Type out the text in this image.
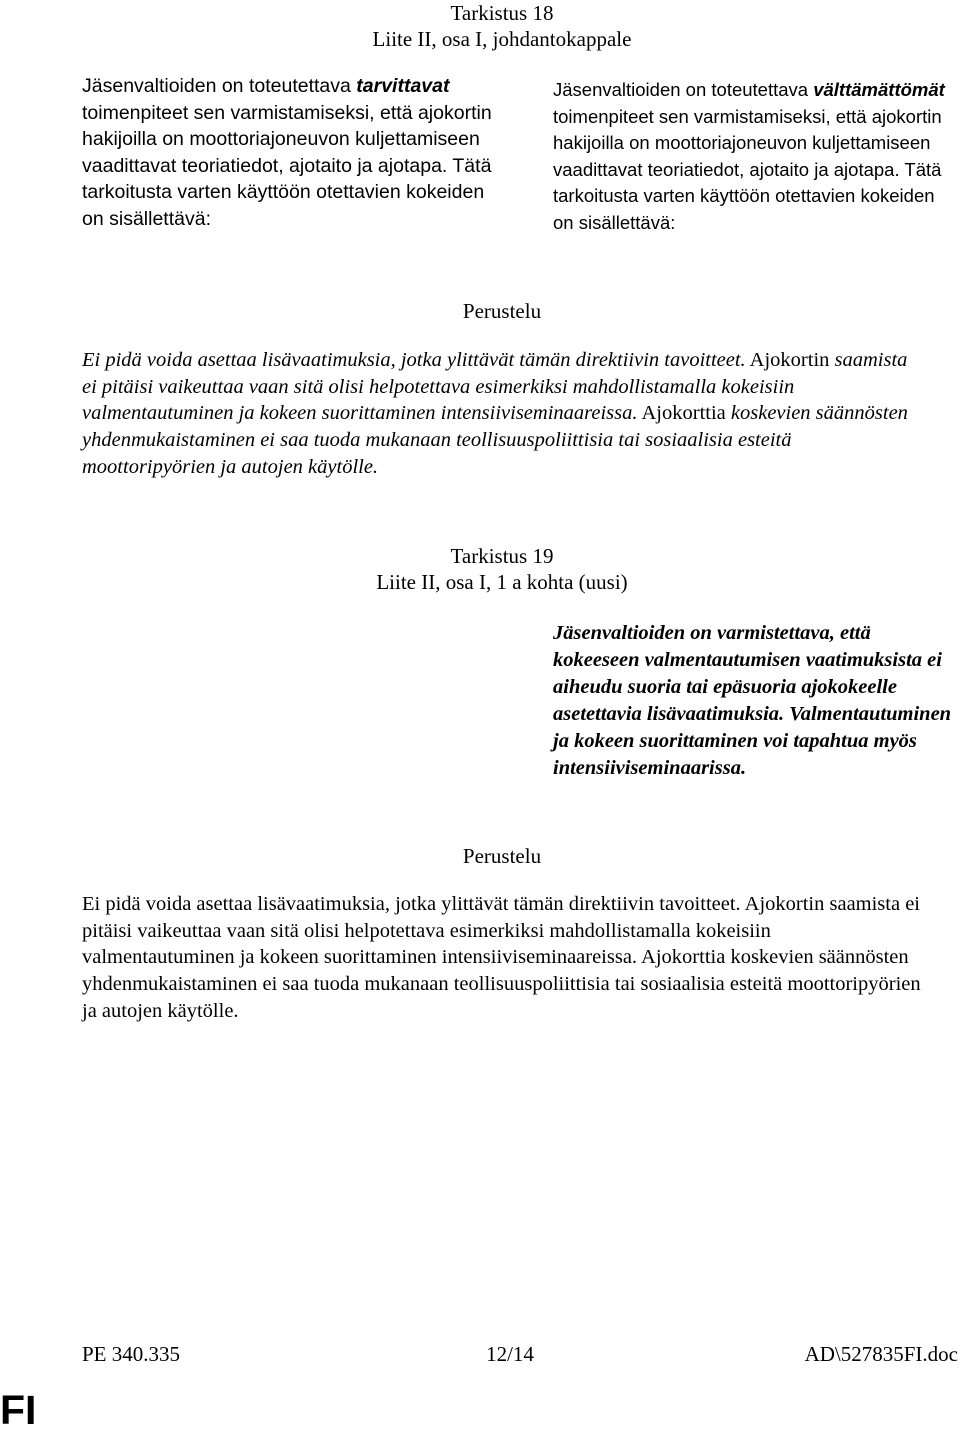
Tarkistus 18
Liite II, osa I, johdantokappale
Jäsenvaltioiden on toteutettava tarvittavat toimenpiteet sen varmistamiseksi, että ajokortin hakijoilla on moottoriajoneuvon kuljettamiseen vaadittavat teoriatiedot, ajotaito ja ajotapa. Tätä tarkoitusta varten käyttöön otettavien kokeiden on sisällettävä:
Jäsenvaltioiden on toteutettava välttämättömät toimenpiteet sen varmistamiseksi, että ajokortin hakijoilla on moottoriajoneuvon kuljettamiseen vaadittavat teoriatiedot, ajotaito ja ajotapa. Tätä tarkoitusta varten käyttöön otettavien kokeiden on sisällettävä:
Perustelu
Ei pidä voida asettaa lisävaatimuksia, jotka ylittävät tämän direktiivin tavoitteet. Ajokortin saamista ei pitäisi vaikeuttaa vaan sitä olisi helpotettava esimerkiksi mahdollistamalla kokeisiin valmentautuminen ja kokeen suorittaminen intensiiviseminaareissa. Ajokorttia koskevien säännösten yhdenmukaistaminen ei saa tuoda mukanaan teollisuuspoliittisia tai sosiaalisia esteitä moottoripyörien ja autojen käytölle.
Tarkistus 19
Liite II, osa I, 1 a kohta (uusi)
Jäsenvaltioiden on varmistettava, että kokeeseen valmentautumisen vaatimuksista ei aiheudu suoria tai epäsuoria ajokokeelle asetettavia lisävaatimuksia. Valmentautuminen ja kokeen suorittaminen voi tapahtua myös intensiiviseminaarissa.
Perustelu
Ei pidä voida asettaa lisävaatimuksia, jotka ylittävät tämän direktiivin tavoitteet. Ajokortin saamista ei pitäisi vaikeuttaa vaan sitä olisi helpotettava esimerkiksi mahdollistamalla kokeisiin valmentautuminen ja kokeen suorittaminen intensiiviseminaareissa. Ajokorttia koskevien säännösten yhdenmukaistaminen ei saa tuoda mukanaan teollisuuspoliittisia tai sosiaalisia esteitä moottoripyörien ja autojen käytölle.
PE 340.335	12/14	AD\527835FI.doc
FI
